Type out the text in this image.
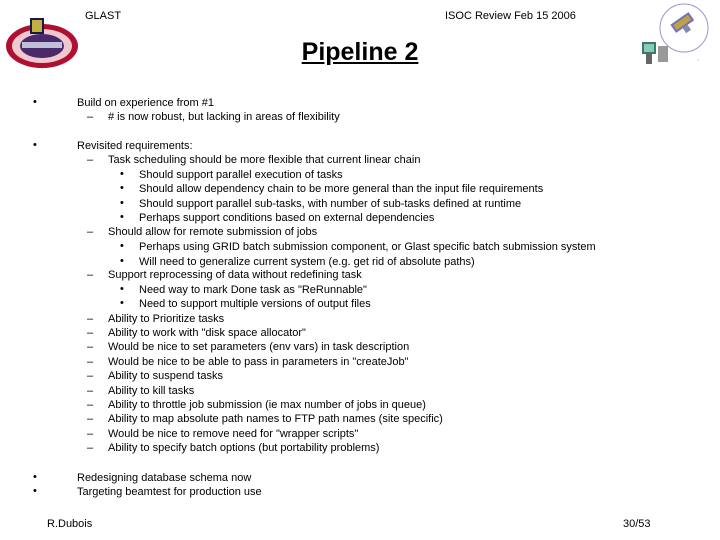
GLAST	ISOC Review Feb 15 2006
◦
◦
Pipeline 2
•	Build on experience from #1
– # is now robust, but lacking in areas of flexibility
•	Revisited requirements:
– Task scheduling should be more flexible that current linear chain
• Should support parallel execution of tasks
• Should allow dependency chain to be more general than the input file requirements
• Should support parallel sub-tasks, with number of sub-tasks defined at runtime
• Perhaps support conditions based on external dependencies
– Should allow for remote submission of jobs
• Perhaps using GRID batch submission component, or Glast specific batch submission system
• Will need to generalize current system (e.g. get rid of absolute paths)
– Support reprocessing of data without redefining task
• Need way to mark Done task as "ReRunnable"
• Need to support multiple versions of output files
– Ability to Prioritize tasks
– Ability to work with "disk space allocator"
– Would be nice to set parameters (env vars) in task description
– Would be nice to be able to pass in parameters in "createJob"
– Ability to suspend tasks
– Ability to kill tasks
– Ability to throttle job submission (ie max number of jobs in queue)
– Ability to map absolute path names to FTP path names (site specific)
– Would be nice to remove need for "wrapper scripts"
– Ability to specify batch options (but portability problems)
•	Redesigning database schema now
•	Targeting beamtest for production use
R.Dubois	30/53
